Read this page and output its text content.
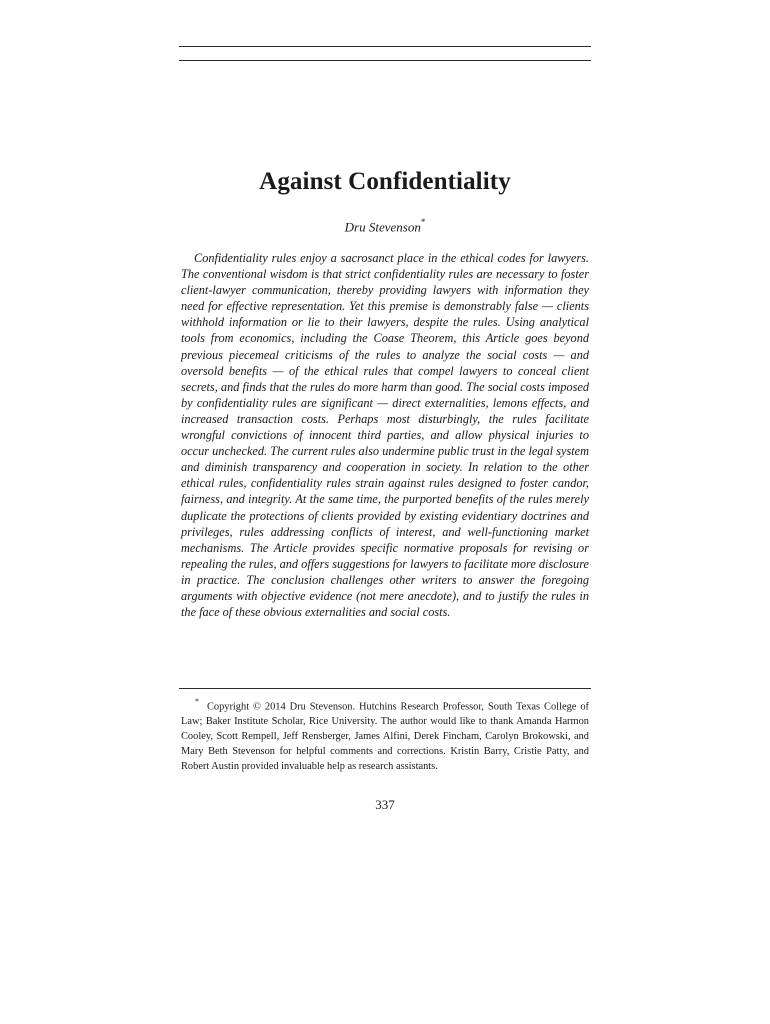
Against Confidentiality
Dru Stevenson*

Confidentiality rules enjoy a sacrosanct place in the ethical codes for lawyers. The conventional wisdom is that strict confidentiality rules are necessary to foster client-lawyer communication, thereby providing lawyers with information they need for effective representation. Yet this premise is demonstrably false — clients withhold information or lie to their lawyers, despite the rules. Using analytical tools from economics, including the Coase Theorem, this Article goes beyond previous piecemeal criticisms of the rules to analyze the social costs — and oversold benefits — of the ethical rules that compel lawyers to conceal client secrets, and finds that the rules do more harm than good. The social costs imposed by confidentiality rules are significant — direct externalities, lemons effects, and increased transaction costs. Perhaps most disturbingly, the rules facilitate wrongful convictions of innocent third parties, and allow physical injuries to occur unchecked. The current rules also undermine public trust in the legal system and diminish transparency and cooperation in society. In relation to the other ethical rules, confidentiality rules strain against rules designed to foster candor, fairness, and integrity. At the same time, the purported benefits of the rules merely duplicate the protections of clients provided by existing evidentiary doctrines and privileges, rules addressing conflicts of interest, and well-functioning market mechanisms. The Article provides specific normative proposals for revising or repealing the rules, and offers suggestions for lawyers to facilitate more disclosure in practice. The conclusion challenges other writers to answer the foregoing arguments with objective evidence (not mere anecdote), and to justify the rules in the face of these obvious externalities and social costs.

* Copyright © 2014 Dru Stevenson. Hutchins Research Professor, South Texas College of Law; Baker Institute Scholar, Rice University. The author would like to thank Amanda Harmon Cooley, Scott Rempell, Jeff Rensberger, James Alfini, Derek Fincham, Carolyn Brokowski, and Mary Beth Stevenson for helpful comments and corrections. Kristin Barry, Cristie Patty, and Robert Austin provided invaluable help as research assistants.

337
